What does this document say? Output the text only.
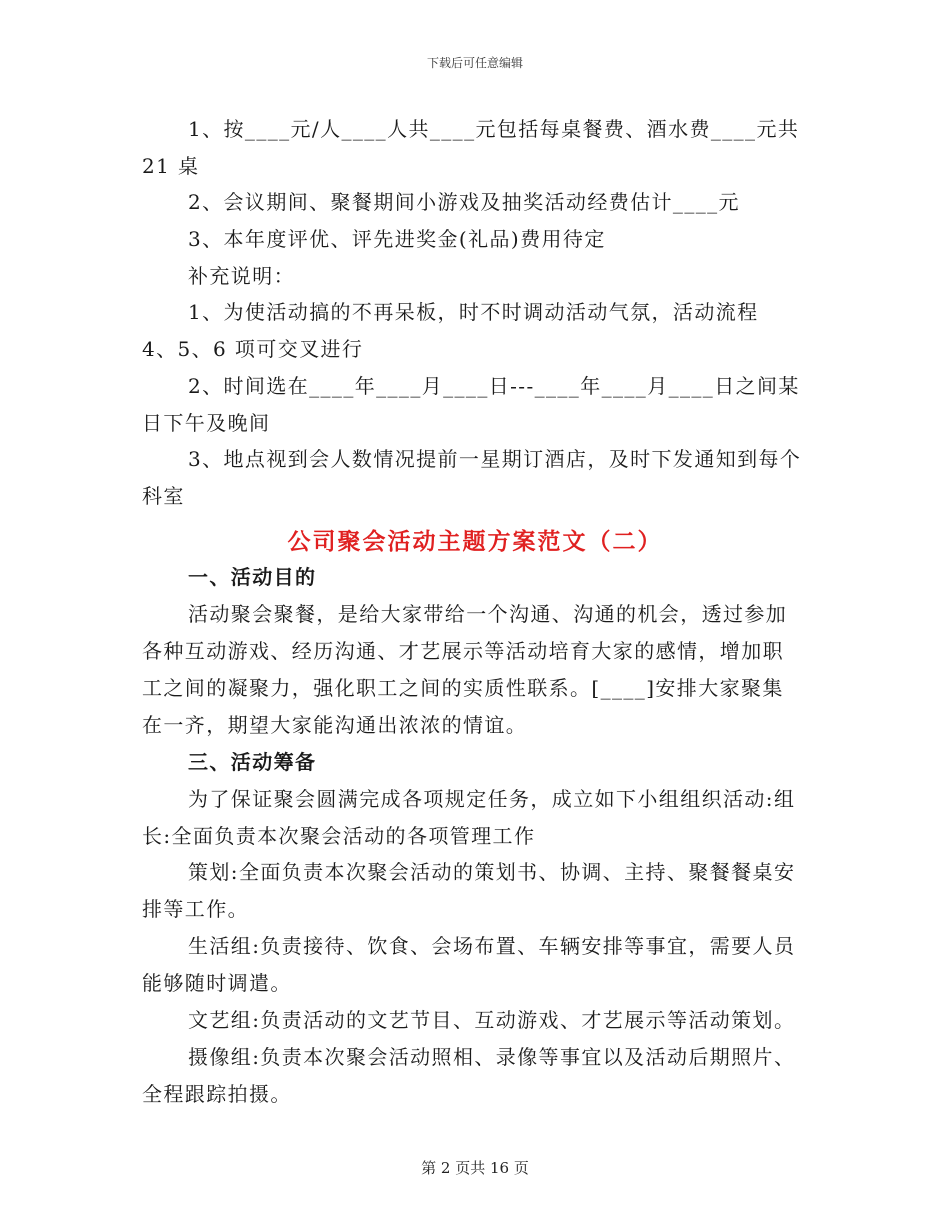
下载后可任意编辑
1、按____元/人____人共____元包括每桌餐费、酒水费____元共
21 桌
2、会议期间、聚餐期间小游戏及抽奖活动经费估计____元
3、本年度评优、评先进奖金(礼品)费用待定
补充说明：
1、为使活动搞的不再呆板，时不时调动活动气氛，活动流程
4、5、6 项可交叉进行
2、时间选在____年____月____日---____年____月____日之间某
日下午及晚间
3、地点视到会人数情况提前一星期订酒店，及时下发通知到每个
科室
公司聚会活动主题方案范文（二）
一、活动目的
活动聚会聚餐，是给大家带给一个沟通、沟通的机会，透过参加
各种互动游戏、经历沟通、才艺展示等活动培育大家的感情，增加职
工之间的凝聚力，强化职工之间的实质性联系。[____]安排大家聚集
在一齐，期望大家能沟通出浓浓的情谊。
三、活动筹备
为了保证聚会圆满完成各项规定任务，成立如下小组组织活动:组
长:全面负责本次聚会活动的各项管理工作
策划:全面负责本次聚会活动的策划书、协调、主持、聚餐餐桌安
排等工作。
生活组:负责接待、饮食、会场布置、车辆安排等事宜，需要人员
能够随时调遣。
文艺组:负责活动的文艺节目、互动游戏、才艺展示等活动策划。
摄像组:负责本次聚会活动照相、录像等事宜以及活动后期照片、
全程跟踪拍摄。
第 2 页共 16 页
